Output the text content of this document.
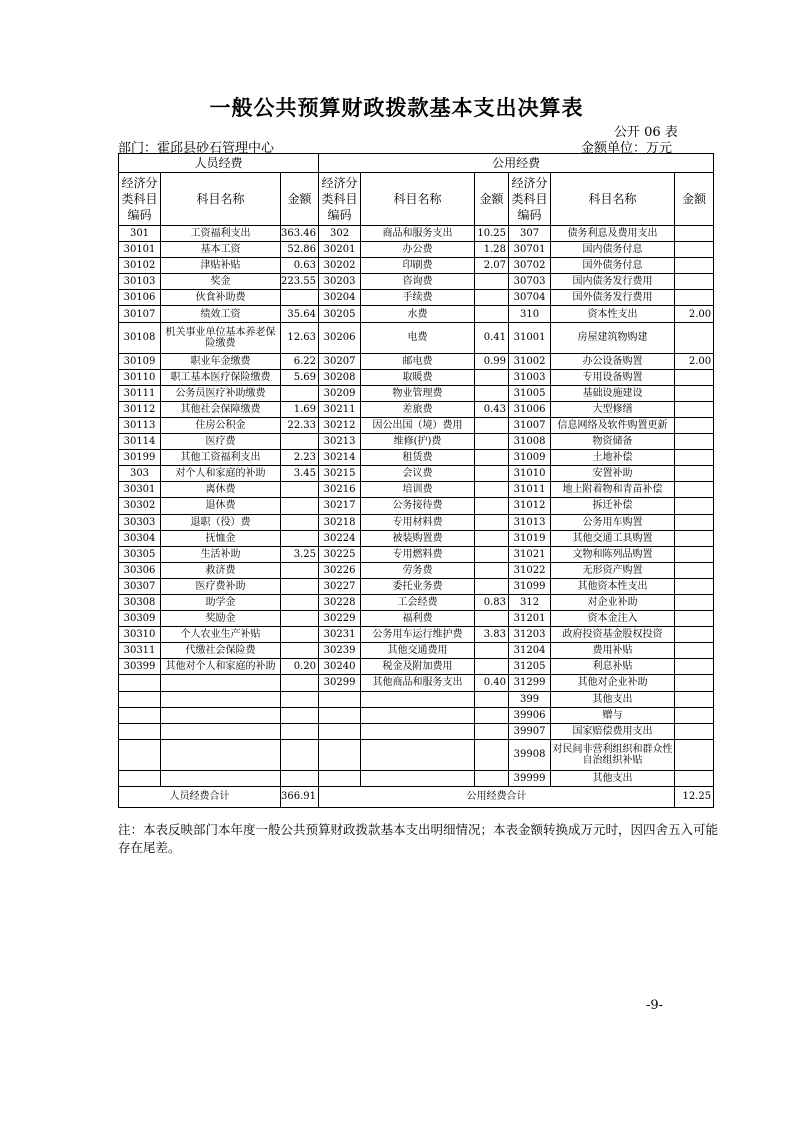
一般公共预算财政拨款基本支出决算表
公开 06 表
部门：霍邱县砂石管理中心	金额单位：万元
人员经费			公用经费					
经济分类科目编码	科目名称	金额	经济分类科目编码	科目名称	金额	经济分类科目编码	科目名称	金额
301	工资福利支出	363.46	302	商品和服务支出	10.25	307	债务利息及费用支出	
30101	基本工资	52.86	30201	办公费	1.28	30701	国内债务付息	
30102	津贴补贴	0.63	30202	印刷费	2.07	30702	国外债务付息	
30103	奖金	223.55	30203	咨询费		30703	国内债务发行费用	
30106	伙食补助费		30204	手续费		30704	国外债务发行费用	
30107	绩效工资	35.64	30205	水费		310	资本性支出	2.00
30108	机关事业单位基本养老保险缴费	12.63	30206	电费	0.41	31001	房屋建筑物购建	
30109	职业年金缴费	6.22	30207	邮电费	0.99	31002	办公设备购置	2.00
30110	职工基本医疗保险缴费	5.69	30208	取暖费		31003	专用设备购置	
30111	公务员医疗补助缴费		30209	物业管理费		31005	基础设施建设	
30112	其他社会保障缴费	1.69	30211	差旅费	0.43	31006	大型修缮	
30113	住房公积金	22.33	30212	因公出国（境）费用		31007	信息网络及软件购置更新	
30114	医疗费		30213	维修(护)费		31008	物资储备	
30199	其他工资福利支出	2.23	30214	租赁费		31009	土地补偿	
303	对个人和家庭的补助	3.45	30215	会议费		31010	安置补助	
30301	离休费		30216	培训费		31011	地上附着物和青苗补偿	
30302	退休费		30217	公务接待费		31012	拆迁补偿	
30303	退职（役）费		30218	专用材料费		31013	公务用车购置	
30304	抚恤金		30224	被装购置费		31019	其他交通工具购置	
30305	生活补助	3.25	30225	专用燃料费		31021	文物和陈列品购置	
30306	救济费		30226	劳务费		31022	无形资产购置	
30307	医疗费补助		30227	委托业务费		31099	其他资本性支出	
30308	助学金		30228	工会经费	0.83	312	对企业补助	
30309	奖励金		30229	福利费		31201	资本金注入	
30310	个人农业生产补贴		30231	公务用车运行维护费	3.83	31203	政府投资基金股权投资	
30311	代缴社会保险费		30239	其他交通费用		31204	费用补贴	
30399	其他对个人和家庭的补助	0.20	30240	税金及附加费用		31205	利息补贴	
			30299	其他商品和服务支出	0.40	31299	其他对企业补助	
						399	其他支出	
						39906	赠与	
						39907	国家赔偿费用支出	
						39908	对民间非营利组织和群众性自治组织补贴	
						39999	其他支出	
人员经费合计		366.91	公用经费合计					12.25
注：本表反映部门本年度一般公共预算财政拨款基本支出明细情况；本表金额转换成万元时，因四舍五入可能存在尾差。
-9-
